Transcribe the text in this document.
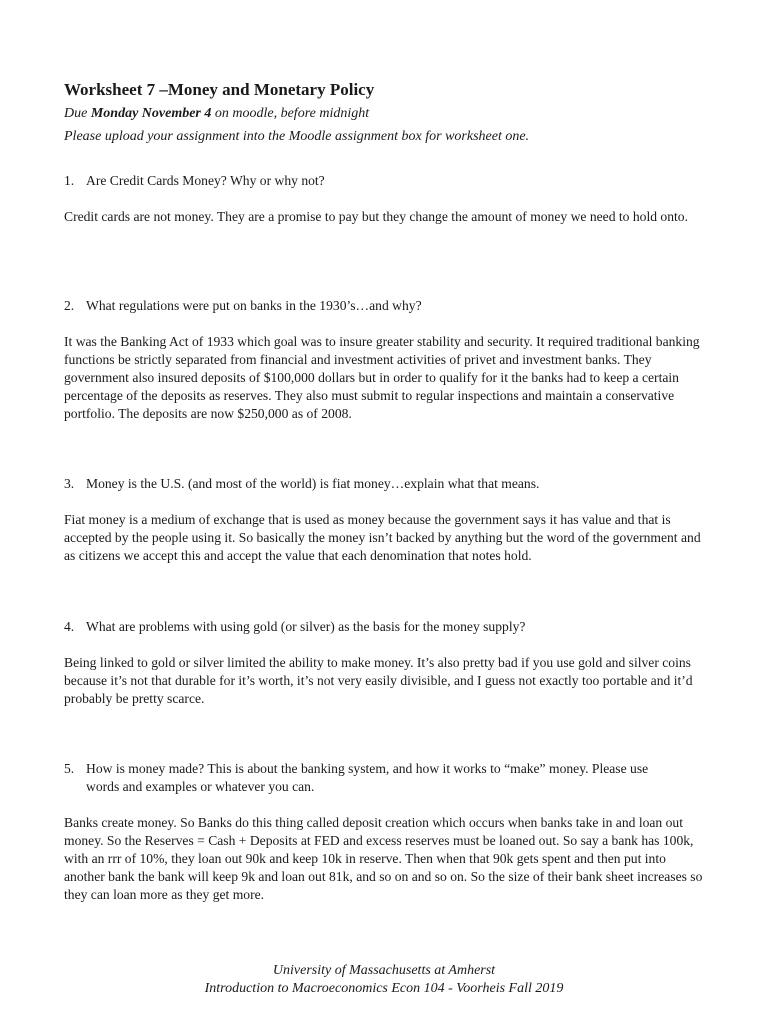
Worksheet 7 –Money and Monetary Policy

Due Monday November 4 on moodle, before midnight

Please upload your assignment into the Moodle assignment box for worksheet one.

1. Are Credit Cards Money? Why or why not?

Credit cards are not money. They are a promise to pay but they change the amount of money we need to hold onto.

2. What regulations were put on banks in the 1930’s…and why?

It was the Banking Act of 1933 which goal was to insure greater stability and security. It required traditional banking functions be strictly separated from financial and investment activities of privet and investment banks. They government also insured deposits of $100,000 dollars but in order to qualify for it the banks had to keep a certain percentage of the deposits as reserves. They also must submit to regular inspections and maintain a conservative portfolio. The deposits are now $250,000 as of 2008.

3. Money is the U.S. (and most of the world) is fiat money…explain what that means.

Fiat money is a medium of exchange that is used as money because the government says it has value and that is accepted by the people using it. So basically the money isn’t backed by anything but the word of the government and as citizens we accept this and accept the value that each denomination that notes hold.

4. What are problems with using gold (or silver) as the basis for the money supply?

Being linked to gold or silver limited the ability to make money. It’s also pretty bad if you use gold and silver coins because it’s not that durable for it’s worth, it’s not very easily divisible, and I guess not exactly too portable and it’d probably be pretty scarce.

5. How is money made? This is about the banking system, and how it works to “make” money. Please use words and examples or whatever you can.

Banks create money. So Banks do this thing called deposit creation which occurs when banks take in and loan out money. So the Reserves = Cash + Deposits at FED and excess reserves must be loaned out. So say a bank has 100k, with an rrr of 10%, they loan out 90k and keep 10k in reserve. Then when that 90k gets spent and then put into another bank the bank will keep 9k and loan out 81k, and so on and so on. So the size of their bank sheet increases so they can loan more as they get more.

University of Massachusetts at Amherst

Introduction to Macroeconomics Econ 104 - Voorheis Fall 2019
